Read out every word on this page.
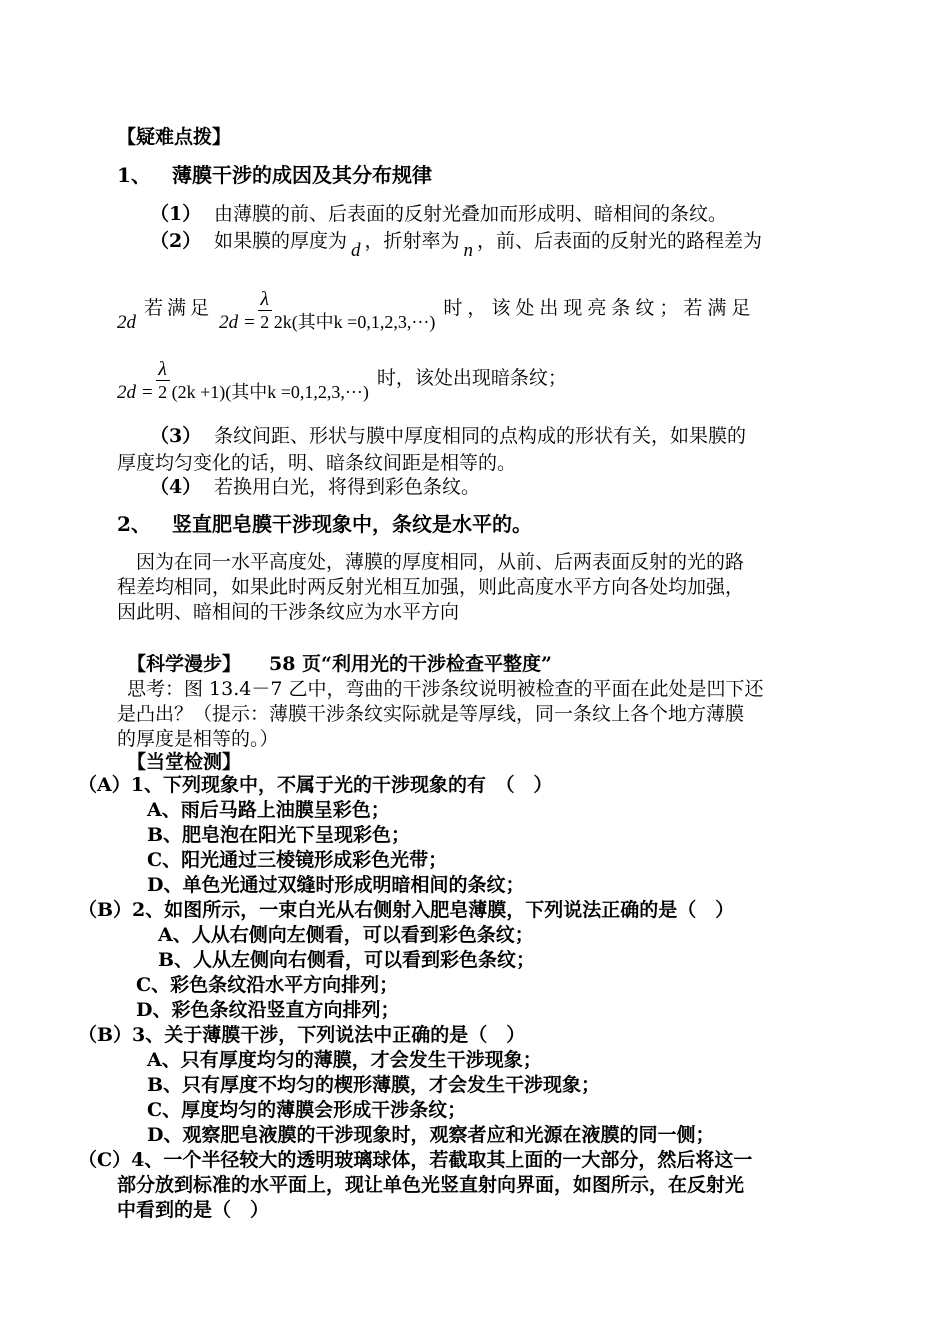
【疑难点拨】
1、 薄膜干涉的成因及其分布规律
（1） 由薄膜的前、后表面的反射光叠加而形成明、暗相间的条纹。
（2） 如果膜的厚度为 d ，折射率为 n ，前、后表面的反射光的路程差为
2d 若满足 $2d = \frac{\lambda}{2} 2k$(其中k =0,1,2,3,···) 时，该处出现亮条纹；若满足
$2d = \frac{\lambda}{2} (2k +1)$(其中k =0,1,2,3,···) 时，该处出现暗条纹；
（3） 条纹间距、形状与膜中厚度相同的点构成的形状有关，如果膜的
厚度均匀变化的话，明、暗条纹间距是相等的。
（4） 若换用白光，将得到彩色条纹。
2、 竖直肥皂膜干涉现象中，条纹是水平的。
因为在同一水平高度处，薄膜的厚度相同，从前、后两表面反射的光的路
程差均相同，如果此时两反射光相互加强，则此高度水平方向各处均加强，
因此明、暗相间的干涉条纹应为水平方向
【科学漫步】 58 页“利用光的干涉检查平整度”
思考：图 13.4－7 乙中，弯曲的干涉条纹说明被检查的平面在此处是凹下还
是凸出？（提示：薄膜干涉条纹实际就是等厚线，同一条纹上各个地方薄膜
的厚度是相等的。）
【当堂检测】
（A）1、下列现象中，不属于光的干涉现象的有　（　）
A、雨后马路上油膜呈彩色；
B、肥皂泡在阳光下呈现彩色；
C、阳光通过三棱镜形成彩色光带；
D、单色光通过双缝时形成明暗相间的条纹；
（B）2、如图所示，一束白光从右侧射入肥皂薄膜，下列说法正确的是（　）
A、人从右侧向左侧看，可以看到彩色条纹；
B、人从左侧向右侧看，可以看到彩色条纹；
C、彩色条纹沿水平方向排列；
D、彩色条纹沿竖直方向排列；
（B）3、关于薄膜干涉，下列说法中正确的是（　）
A、只有厚度均匀的薄膜，才会发生干涉现象；
B、只有厚度不均匀的楔形薄膜，才会发生干涉现象；
C、厚度均匀的薄膜会形成干涉条纹；
D、观察肥皂液膜的干涉现象时，观察者应和光源在液膜的同一侧；
（C）4、一个半径较大的透明玻璃球体，若截取其上面的一大部分，然后将这一
部分放到标准的水平面上，现让单色光竖直射向界面，如图所示，在反射光
中看到的是（　）
